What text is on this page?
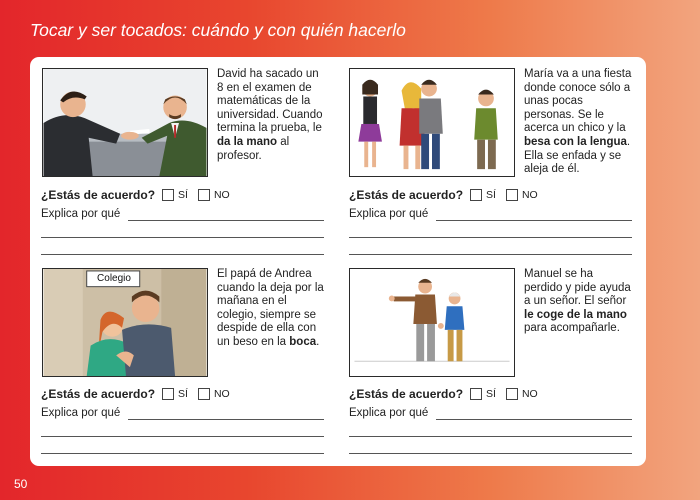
Tocar y ser tocados: cuándo y con quién hacerlo
David ha sacado un 8 en el examen de matemáticas de la universidad. Cuando termina la prueba, le da la mano al profesor.
¿Estás de acuerdo? SÍ NO
Explica por qué
María va a una fiesta donde conoce sólo a unas pocas personas. Se le acerca un chico y la besa con la lengua. Ella se enfada y se aleja de él.
¿Estás de acuerdo? SÍ NO
Explica por qué
Colegio	El papá de Andrea cuando la deja por la mañana en el colegio, siempre se despide de ella con un beso en la boca.
¿Estás de acuerdo? SÍ NO
Explica por qué
Manuel se ha perdido y pide ayuda a un señor. El señor le coge de la mano para acompañarle.
¿Estás de acuerdo? SÍ NO
Explica por qué
50
